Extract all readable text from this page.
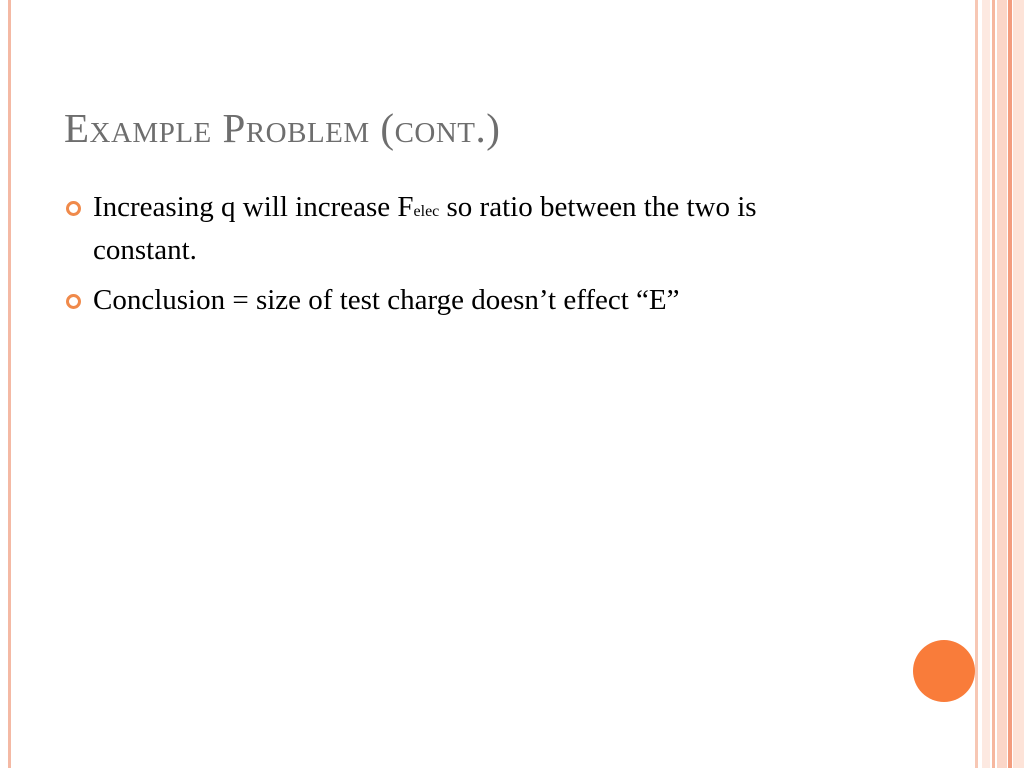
Example Problem (cont.)
Increasing q will increase Felec so ratio between the two is constant.
Conclusion = size of test charge doesn’t effect “E”
